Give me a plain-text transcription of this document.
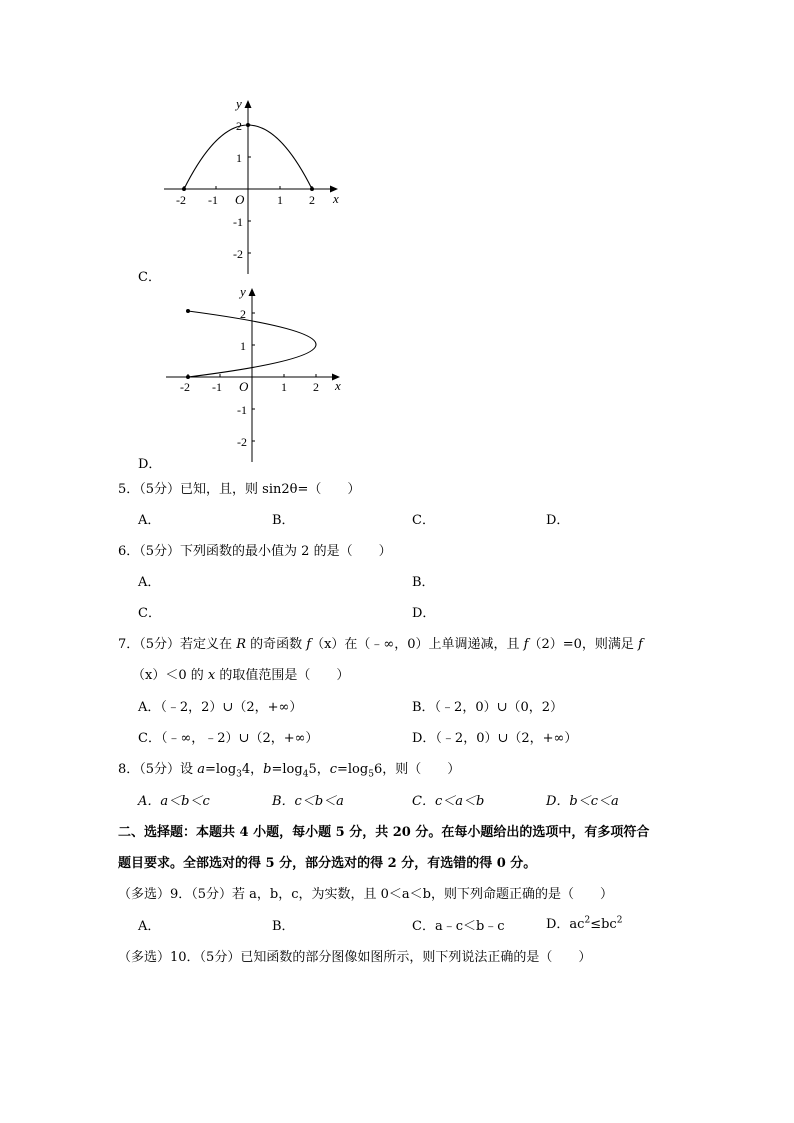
y
x
O
-2 -1	1 2
2
1
-1
-2
C．
y
x
O
-2 -1	1 2
2
1
-1
-2
D．
5．（5分）已知，且，则 sin2θ=（　　）
A．	B．	C．	D．
6．（5分）下列函数的最小值为 2 的是（　　）
A．	B．
C．	D．
7．（5分）若定义在 R 的奇函数 f（x）在（﹣∞，0）上单调递减，且 f（2）=0，则满足 f
（x）＜0 的 x 的取值范围是（　　）
A．（﹣2，2）∪（2，+∞）	B．（﹣2，0）∪（0，2）
C．（﹣∞，﹣2）∪（2，+∞）	D．（﹣2，0）∪（2，+∞）
8．（5分）设 $a=\log_34$，$b=\log_45$，$c=\log_56$，则（　　）
A．a＜b＜c	B．c＜b＜a	C．c＜a＜b	D．b＜c＜a
二、选择题：本题共 4 小题，每小题 5 分，共 20 分。在每小题给出的选项中，有多项符合
题目要求。全部选对的得 5 分，部分选对的得 2 分，有选错的得 0 分。
（多选）9．（5分）若 a，b，c，为实数，且 0＜a＜b，则下列命题正确的是（　　）
A．	B．	C．a﹣c＜b﹣c	D．$ac^2\le bc^2$
（多选）10．（5分）已知函数的部分图像如图所示，则下列说法正确的是（　　）
